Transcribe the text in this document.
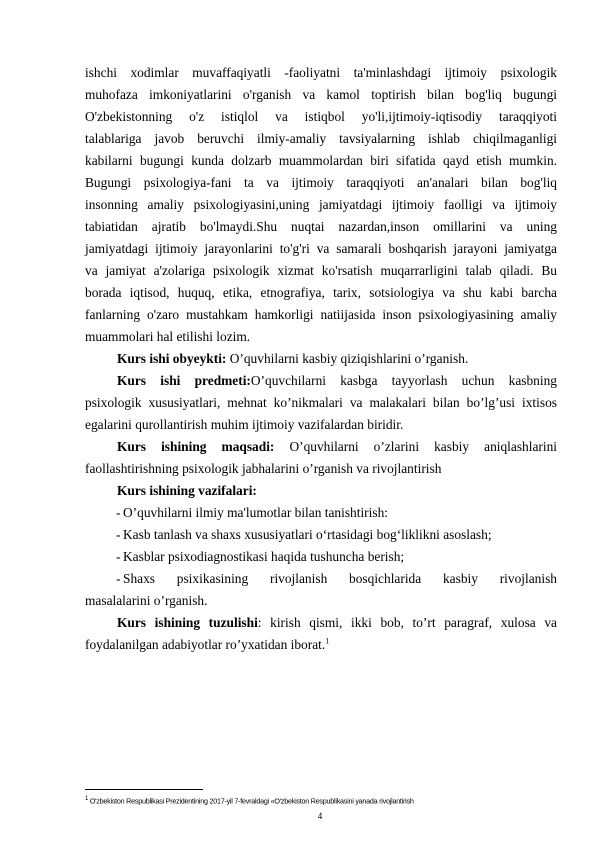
ishchi xodimlar muvaffaqiyatli -faoliyatni ta'minlashdagi ijtimoiy psixologik
muhofaza imkoniyatlarini o'rganish va kamol toptirish bilan bog'liq bugungi
O'zbekistonning o'z istiqlol va istiqbol yo'li,ijtimoiy-iqtisodiy taraqqiyoti
talablariga javob beruvchi ilmiy-amaliy tavsiyalarning ishlab chiqilmaganligi
kabilarni bugungi kunda dolzarb muammolardan biri sifatida qayd etish mumkin.
Bugungi psixologiya-fani ta va ijtimoiy taraqqiyoti an'analari bilan bog'liq
insonning amaliy psixologiyasini,uning jamiyatdagi ijtimoiy faolligi va ijtimoiy
tabiatidan ajratib bo'lmaydi.Shu nuqtai nazardan,inson omillarini va uning
jamiyatdagi ijtimoiy jarayonlarini to'g'ri va samarali boshqarish jarayoni jamiyatga
va jamiyat a'zolariga psixologik xizmat ko'rsatish muqarrarligini talab qiladi. Bu
borada iqtisod, huquq, etika, etnografiya, tarix, sotsiologiya va shu kabi barcha
fanlarning o'zaro mustahkam hamkorligi natiijasida inson psixologiyasining amaliy
muammolari hal etilishi lozim.
Kurs ishi obyeykti: O’quvhilarni kasbiy qiziqishlarini o’rganish.
Kurs ishi predmeti:O’quvchilarni kasbga tayyorlash uchun kasbning
psixologik xususiyatlari, mehnat ko’nikmalari va malakalari bilan bo’lg’usi ixtisos
egalarini qurollantirish muhim ijtimoiy vazifalardan biridir.
Kurs ishining maqsadi: O’quvhilarni o’zlarini kasbiy aniqlashlarini
faollashtirishning psixologik jabhalarini o’rganish va rivojlantirish
Kurs ishining vazifalari:
- O’quvhilarni ilmiy ma'lumotlar bilan tanishtirish:
- Kasb tanlash va shaxs xususiyatlari o‘rtasidagi bog‘liklikni asoslash;
- Kasblar psixodiagnostikasi haqida tushuncha berish;
- Shaxs psixikasining rivojlanish bosqichlarida kasbiy rivojlanish
masalalarini o’rganish.
Kurs ishining tuzulishi: kirish qismi, ikki bob, to’rt paragraf, xulosa va
foydalanilgan adabiyotlar ro’yxatidan iborat.$^1$
$^1$ O'zbekiston Respublikasi Prezidentining 2017-yil 7-fevraldagi «O'zbekiston Respublikasini yanada rivojlantirish
4
